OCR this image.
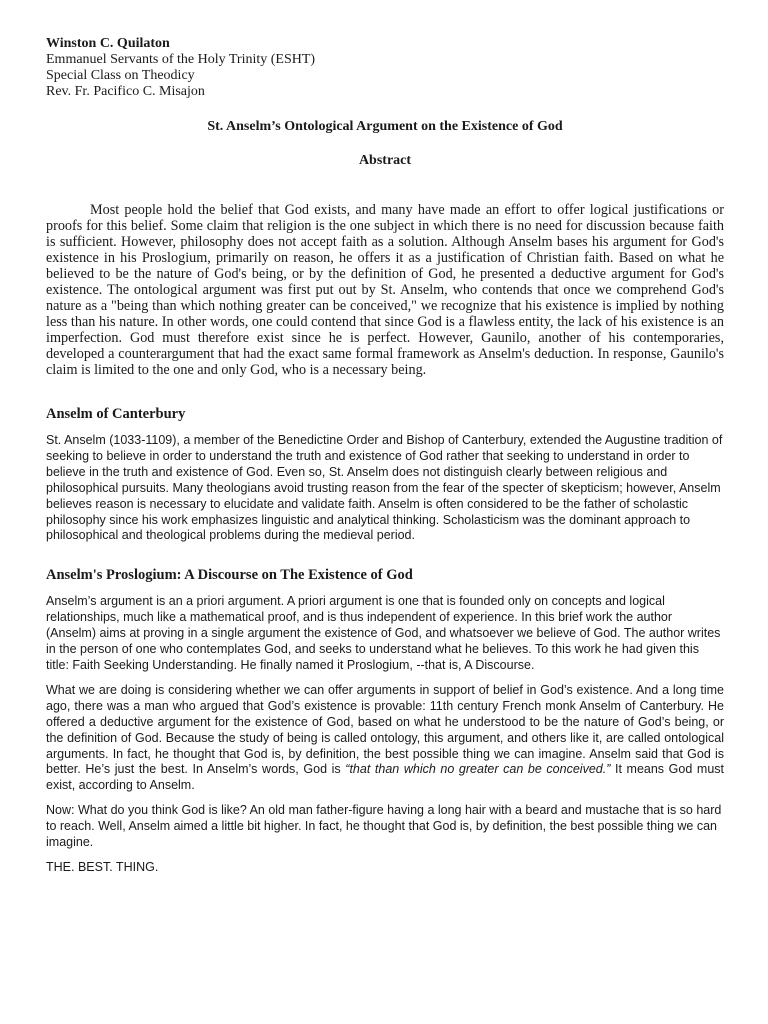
Winston C. Quilaton

Emmanuel Servants of the Holy Trinity (ESHT)

Special Class on Theodicy

Rev. Fr. Pacifico C. Misajon

St. Anselm’s Ontological Argument on the Existence of God
Abstract

Most people hold the belief that God exists, and many have made an effort to offer logical justifications or proofs for this belief. Some claim that religion is the one subject in which there is no need for discussion because faith is sufficient. However, philosophy does not accept faith as a solution. Although Anselm bases his argument for God's existence in his Proslogium, primarily on reason, he offers it as a justification of Christian faith. Based on what he believed to be the nature of God's being, or by the definition of God, he presented a deductive argument for God's existence. The ontological argument was first put out by St. Anselm, who contends that once we comprehend God's nature as a "being than which nothing greater can be conceived," we recognize that his existence is implied by nothing less than his nature. In other words, one could contend that since God is a flawless entity, the lack of his existence is an imperfection. God must therefore exist since he is perfect. However, Gaunilo, another of his contemporaries, developed a counterargument that had the exact same formal framework as Anselm's deduction. In response, Gaunilo's claim is limited to the one and only God, who is a necessary being.

Anselm of Canterbury

St. Anselm (1033-1109), a member of the Benedictine Order and Bishop of Canterbury, extended the Augustine tradition of seeking to believe in order to understand the truth and existence of God rather that seeking to understand in order to believe in the truth and existence of God. Even so, St. Anselm does not distinguish clearly between religious and philosophical pursuits. Many theologians avoid trusting reason from the fear of the specter of skepticism; however, Anselm believes reason is necessary to elucidate and validate faith. Anselm is often considered to be the father of scholastic philosophy since his work emphasizes linguistic and analytical thinking. Scholasticism was the dominant approach to philosophical and theological problems during the medieval period.

Anselm's Proslogium: A Discourse on The Existence of God

Anselm’s argument is an a priori argument. A priori argument is one that is founded only on concepts and logical relationships, much like a mathematical proof, and is thus independent of experience. In this brief work the author (Anselm) aims at proving in a single argument the existence of God, and whatsoever we believe of God. The author writes in the person of one who contemplates God, and seeks to understand what he believes. To this work he had given this title: Faith Seeking Understanding. He finally named it Proslogium, --that is, A Discourse.

What we are doing is considering whether we can offer arguments in support of belief in God’s existence. And a long time ago, there was a man who argued that God’s existence is provable: 11th century French monk Anselm of Canterbury. He offered a deductive argument for the existence of God, based on what he understood to be the nature of God’s being, or the definition of God. Because the study of being is called ontology, this argument, and others like it, are called ontological arguments. In fact, he thought that God is, by definition, the best possible thing we can imagine. Anselm said that God is better. He’s just the best. In Anselm’s words, God is “that than which no greater can be conceived.” It means God must exist, according to Anselm.

Now: What do you think God is like? An old man father-figure having a long hair with a beard and mustache that is so hard to reach. Well, Anselm aimed a little bit higher. In fact, he thought that God is, by definition, the best possible thing we can imagine.

THE. BEST. THING.
